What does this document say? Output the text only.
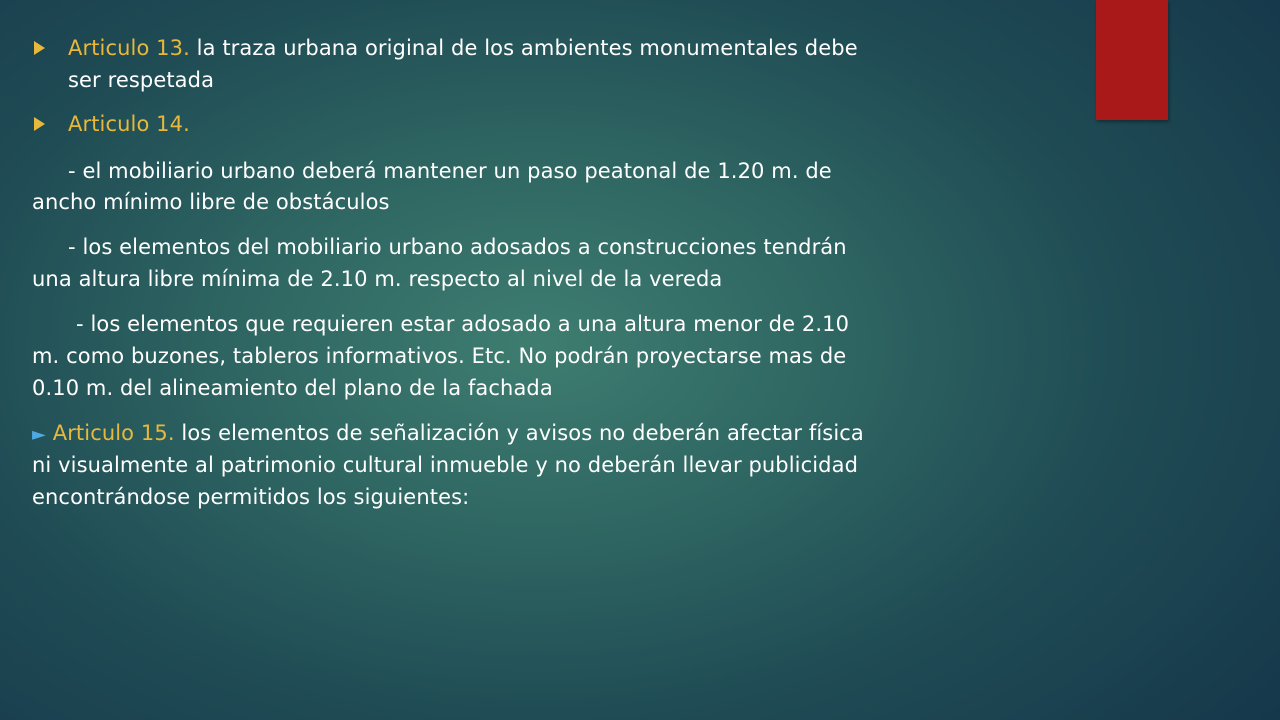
Articulo 13. la traza urbana original de los ambientes monumentales debe
ser respetada
Articulo 14.
- el mobiliario urbano deberá mantener un paso peatonal de 1.20 m. de
ancho mínimo libre de obstáculos
- los elementos del mobiliario urbano adosados a construcciones tendrán
una altura libre mínima de 2.10 m. respecto al nivel de la vereda
- los elementos que requieren estar adosado a una altura menor de 2.10
m. como buzones, tableros informativos. Etc. No podrán proyectarse mas de
0.10 m. del alineamiento del plano de la fachada
► Articulo 15. los elementos de señalización y avisos no deberán afectar física
ni visualmente al patrimonio cultural inmueble y no deberán llevar publicidad
encontrándose permitidos los siguientes:
